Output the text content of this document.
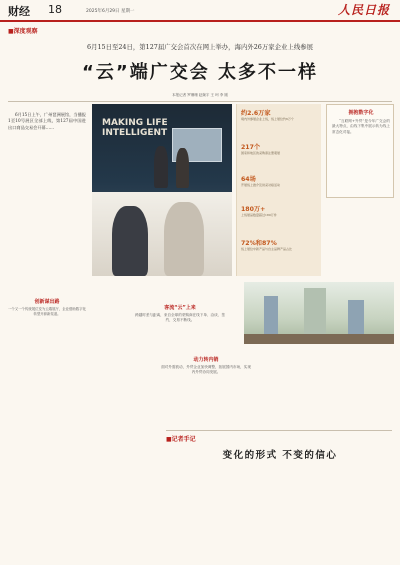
财经 18	2025年6月29日 星期一	人民日报
■深度观察
6月15日至24日，第127届广交会首次在网上举办，海内外26万家企业上线参展
“云”端广交会 太多不一样
本报记者 罗珊珊 赵婉宇 王 珂 李 刚

6月15日上午，广州琶洲展馆，当播报1至10号展区全部上线，第127届中国进出口商品交易会开幕……	MAKING LIFE
INTELLIGENT
约2.6万家
境内外参展企业上线，线上展位约6万个
217个
国家和地区的采购商注册观展
64场
开展线上推介及供采对接活动
180万+
上线展品数量超过180万件
72%和87%
线上展位中新产品与自主品牌产品占比
拥抱数字化

“互联网+外贸”是今年广交会的最大特点，由线下集中展示转为线上常态化对接。

创新谋出路
一个又一个传统展位变为云端展厅，企业借助数字化转型开辟新渠道。
客流“云”上来
跨越时差与距离，来自全球的采购商在线下单、洽谈、签约，交易不断线。
动力转内销
面对外需波动，外贸企业加快调整，拓展国内市场，实现内外贸协同发展。
■记者手记
变化的形式 不变的信心
